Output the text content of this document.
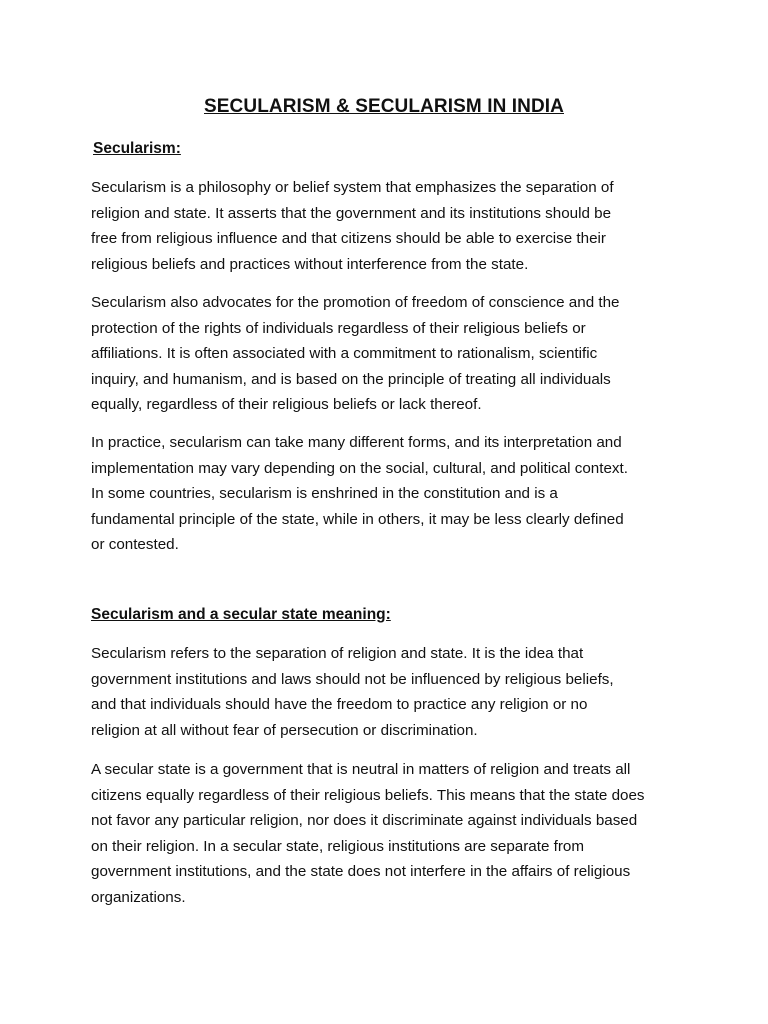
SECULARISM & SECULARISM IN INDIA
Secularism:

Secularism is a philosophy or belief system that emphasizes the separation of
religion and state. It asserts that the government and its institutions should be
free from religious influence and that citizens should be able to exercise their
religious beliefs and practices without interference from the state.

Secularism also advocates for the promotion of freedom of conscience and the
protection of the rights of individuals regardless of their religious beliefs or
affiliations. It is often associated with a commitment to rationalism, scientific
inquiry, and humanism, and is based on the principle of treating all individuals
equally, regardless of their religious beliefs or lack thereof.

In practice, secularism can take many different forms, and its interpretation and
implementation may vary depending on the social, cultural, and political context.
In some countries, secularism is enshrined in the constitution and is a
fundamental principle of the state, while in others, it may be less clearly defined
or contested.

Secularism and a secular state meaning:

Secularism refers to the separation of religion and state. It is the idea that
government institutions and laws should not be influenced by religious beliefs,
and that individuals should have the freedom to practice any religion or no
religion at all without fear of persecution or discrimination.

A secular state is a government that is neutral in matters of religion and treats all
citizens equally regardless of their religious beliefs. This means that the state does
not favor any particular religion, nor does it discriminate against individuals based
on their religion. In a secular state, religious institutions are separate from
government institutions, and the state does not interfere in the affairs of religious
organizations.
